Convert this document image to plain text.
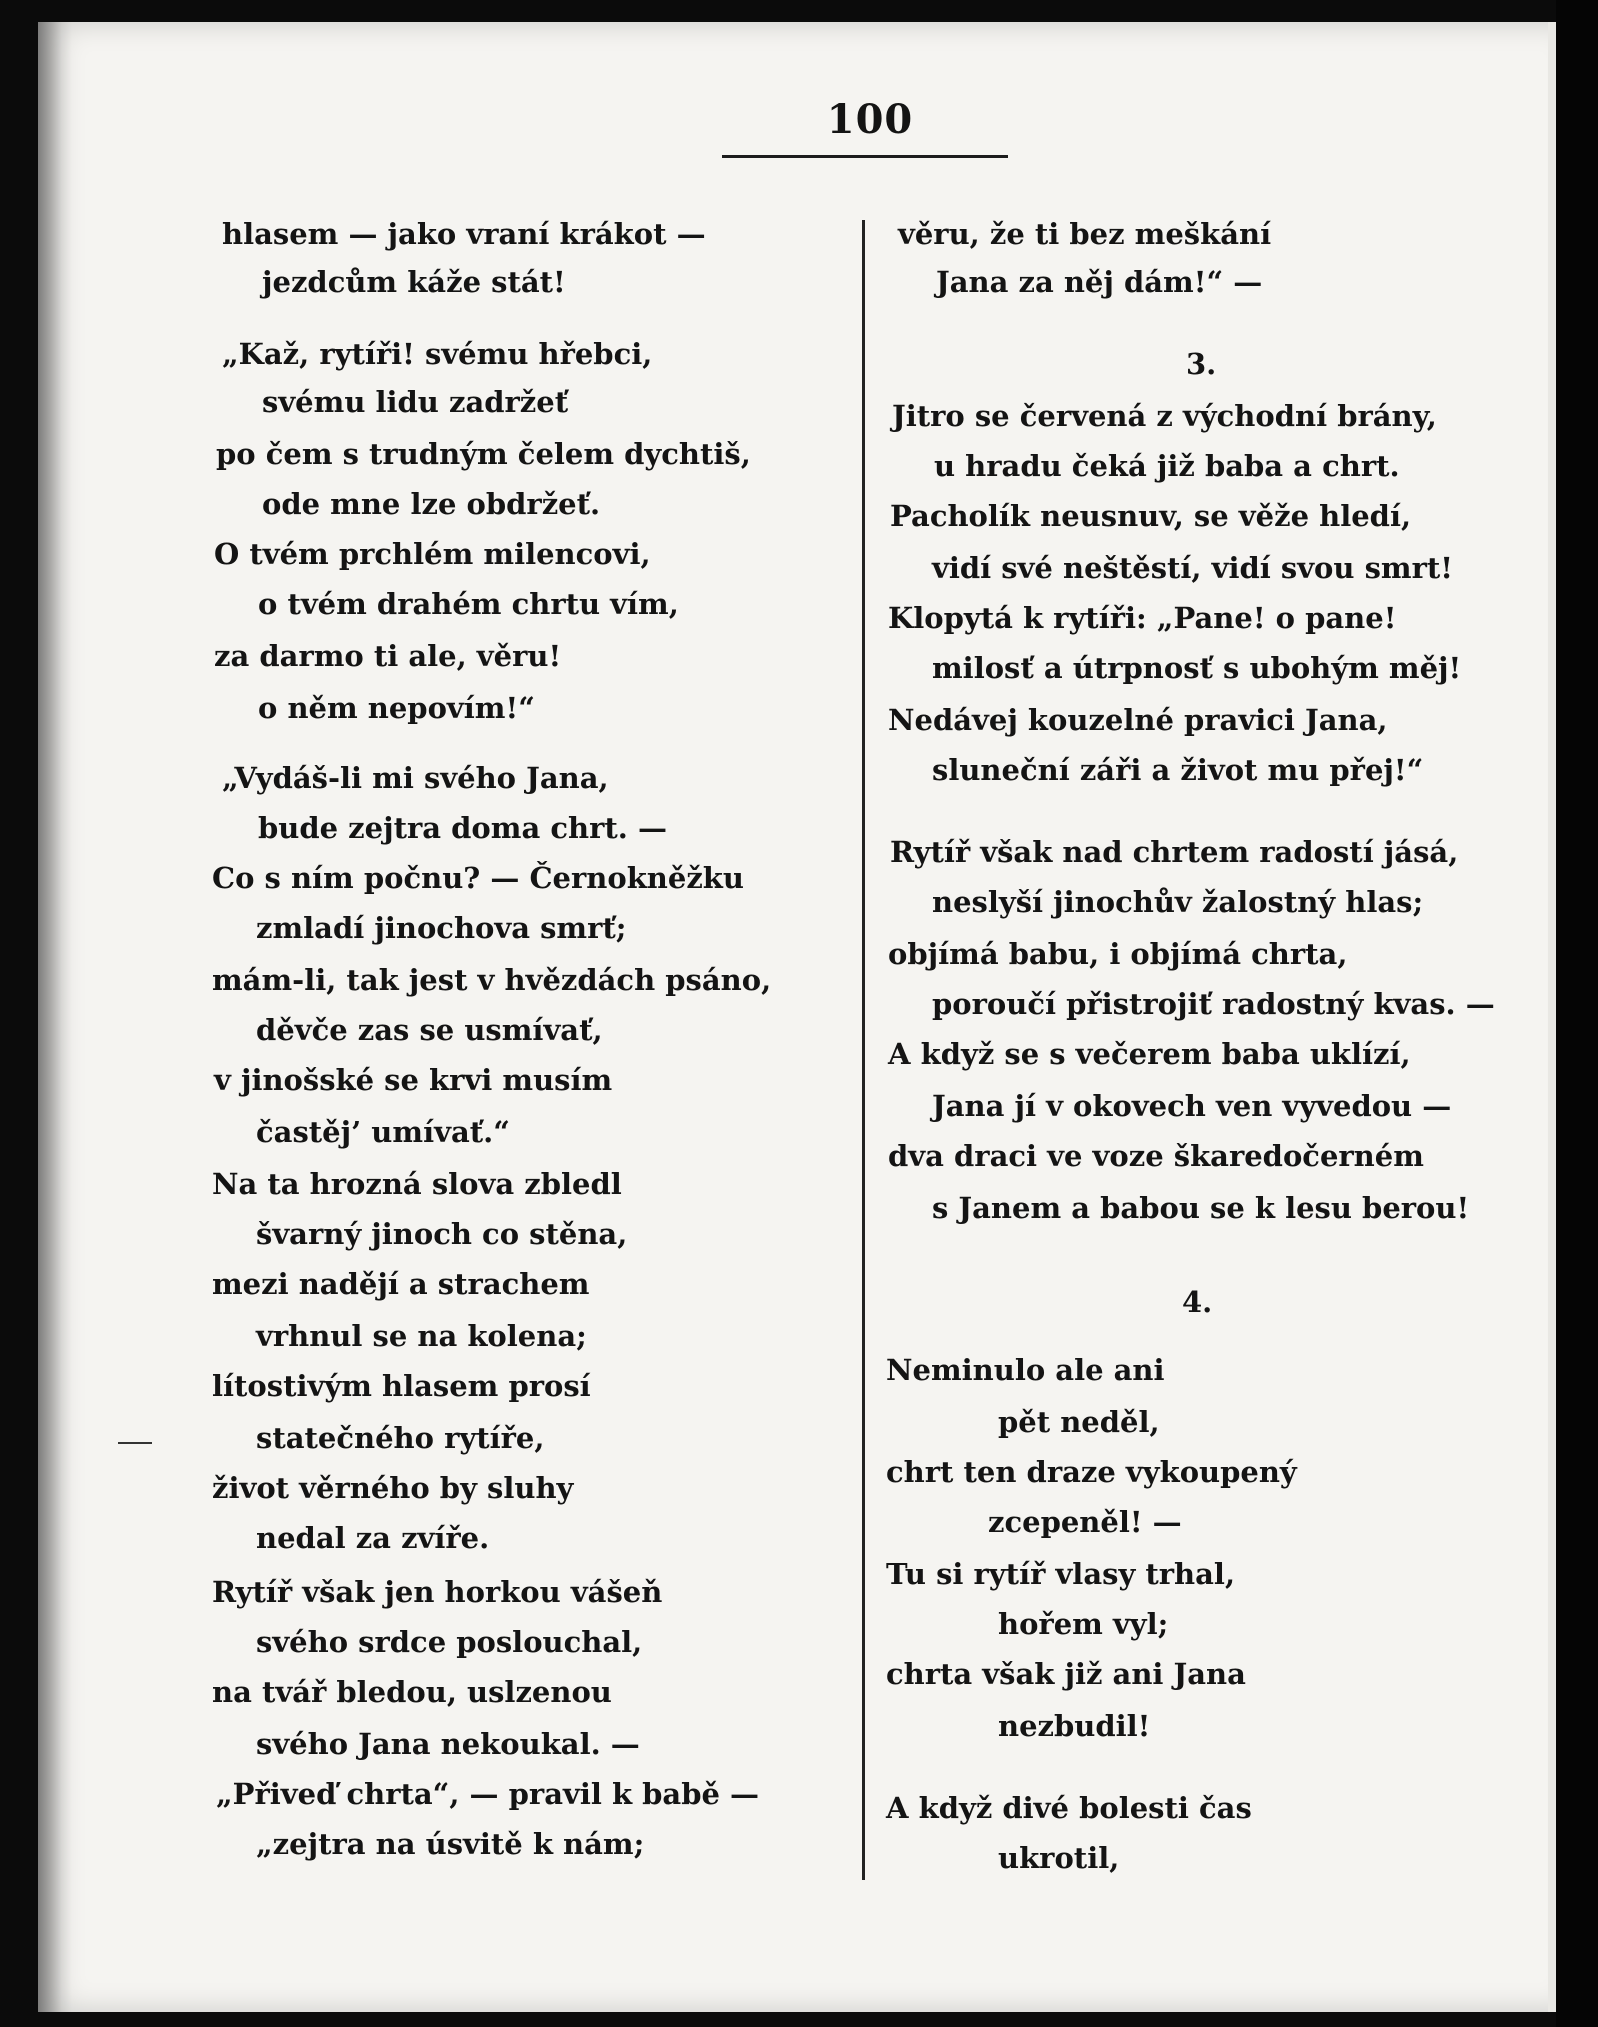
100
hlasem — jako vraní krákot —
jezdcům káže stát!
„Kaž, rytíři! svému hřebci,
svému lidu zadržeť
po čem s trudným čelem dychtiš,
ode mne lze obdržeť.
O tvém prchlém milencovi,
o tvém drahém chrtu vím,
za darmo ti ale, věru!
o něm nepovím!“
„Vydáš-li mi svého Jana,
bude zejtra doma chrt. —
Co s ním počnu? — Černokněžku
zmladí jinochova smrť;
mám-li, tak jest v hvězdách psáno,
děvče zas se usmívať,
v jinošské se krvi musím
častěj’ umívať.“
Na ta hrozná slova zbledl
švarný jinoch co stěna,
mezi nadějí a strachem
vrhnul se na kolena;
lítostivým hlasem prosí
statečného rytíře,
život věrného by sluhy
nedal za zvíře.
Rytíř však jen horkou vášeň
svého srdce poslouchal,
na tvář bledou, uslzenou
svého Jana nekoukal. —
„Přiveď chrta“, — pravil k babě —
„zejtra na úsvitě k nám;
věru, že ti bez meškání
Jana za něj dám!“ —
3.
Jitro se červená z východní brány,
u hradu čeká již baba a chrt.
Pacholík neusnuv, se věže hledí,
vidí své neštěstí, vidí svou smrt!
Klopytá k rytíři: „Pane! o pane!
milosť a útrpnosť s ubohým měj!
Nedávej kouzelné pravici Jana,
sluneční záři a život mu přej!“
Rytíř však nad chrtem radostí jásá,
neslyší jinochův žalostný hlas;
objímá babu, i objímá chrta,
poroučí přistrojiť radostný kvas. —
A když se s večerem baba uklízí,
Jana jí v okovech ven vyvedou —
dva draci ve voze škaredočerném
s Janem a babou se k lesu berou!
4.
Neminulo ale ani
pět neděl,
chrt ten draze vykoupený
zcepeněl! —
Tu si rytíř vlasy trhal,
hořem vyl;
chrta však již ani Jana
nezbudil!
A když divé bolesti čas
ukrotil,
